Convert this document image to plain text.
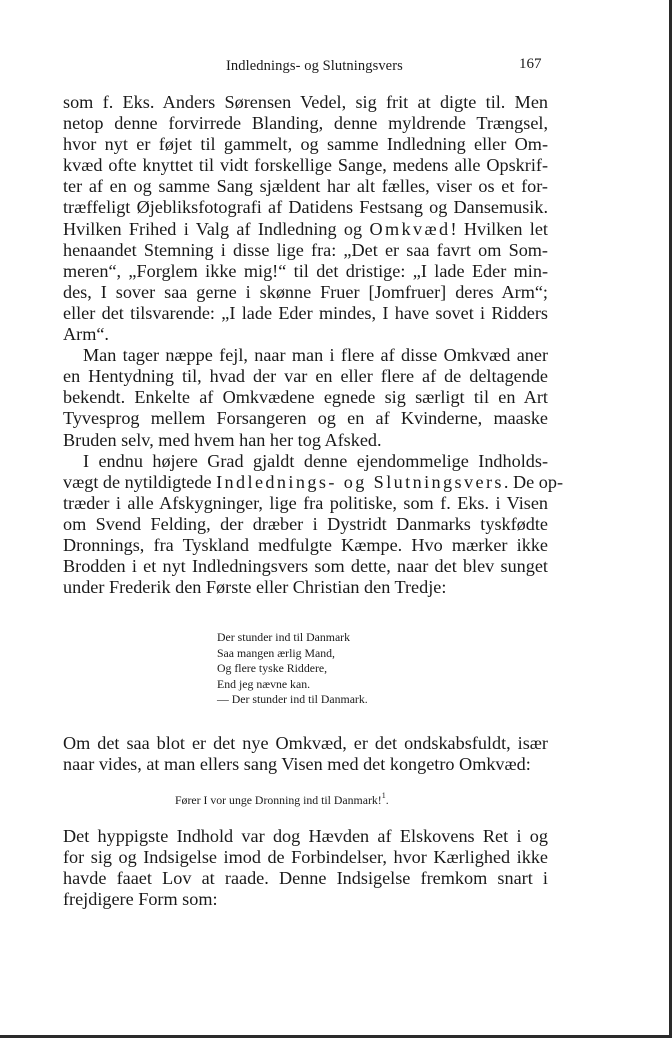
Indlednings- og Slutningsvers	167
som f. Eks. Anders Sørensen Vedel, sig frit at digte til. Men
netop denne forvirrede Blanding, denne myldrende Trængsel,
hvor nyt er føjet til gammelt, og samme Indledning eller Om-
kvæd ofte knyttet til vidt forskellige Sange, medens alle Opskrif-
ter af en og samme Sang sjældent har alt fælles, viser os et for-
træffeligt Øjebliksfotografi af Datidens Festsang og Dansemusik.
Hvilken Frihed i Valg af Indledning og Omkvæd! Hvilken let
henaandet Stemning i disse lige fra: „Det er saa favrt om Som-
meren“, „Forglem ikke mig!“ til det dristige: „I lade Eder min-
des, I sover saa gerne i skønne Fruer [Jomfruer] deres Arm“;
eller det tilsvarende: „I lade Eder mindes, I have sovet i Ridders
Arm“.
Man tager næppe fejl, naar man i flere af disse Omkvæd aner
en Hentydning til, hvad der var en eller flere af de deltagende
bekendt. Enkelte af Omkvædene egnede sig særligt til en Art
Tyvesprog mellem Forsangeren og en af Kvinderne, maaske
Bruden selv, med hvem han her tog Afsked.
I endnu højere Grad gjaldt denne ejendommelige Indholds-
vægt de nytildigtede Indlednings- og Slutningsvers. De op-
træder i alle Afskygninger, lige fra politiske, som f. Eks. i Visen
om Svend Felding, der dræber i Dystridt Danmarks tyskfødte
Dronnings, fra Tyskland medfulgte Kæmpe. Hvo mærker ikke
Brodden i et nyt Indledningsvers som dette, naar det blev sunget
under Frederik den Første eller Christian den Tredje:
Der stunder ind til Danmark
Saa mangen ærlig Mand,
Og flere tyske Riddere,
End jeg nævne kan.
— Der stunder ind til Danmark.
Om det saa blot er det nye Omkvæd, er det ondskabsfuldt, især
naar vides, at man ellers sang Visen med det kongetro Omkvæd:
Fører I vor unge Dronning ind til Danmark!$^1$.
Det hyppigste Indhold var dog Hævden af Elskovens Ret i og
for sig og Indsigelse imod de Forbindelser, hvor Kærlighed ikke
havde faaet Lov at raade. Denne Indsigelse fremkom snart i
frejdigere Form som:
